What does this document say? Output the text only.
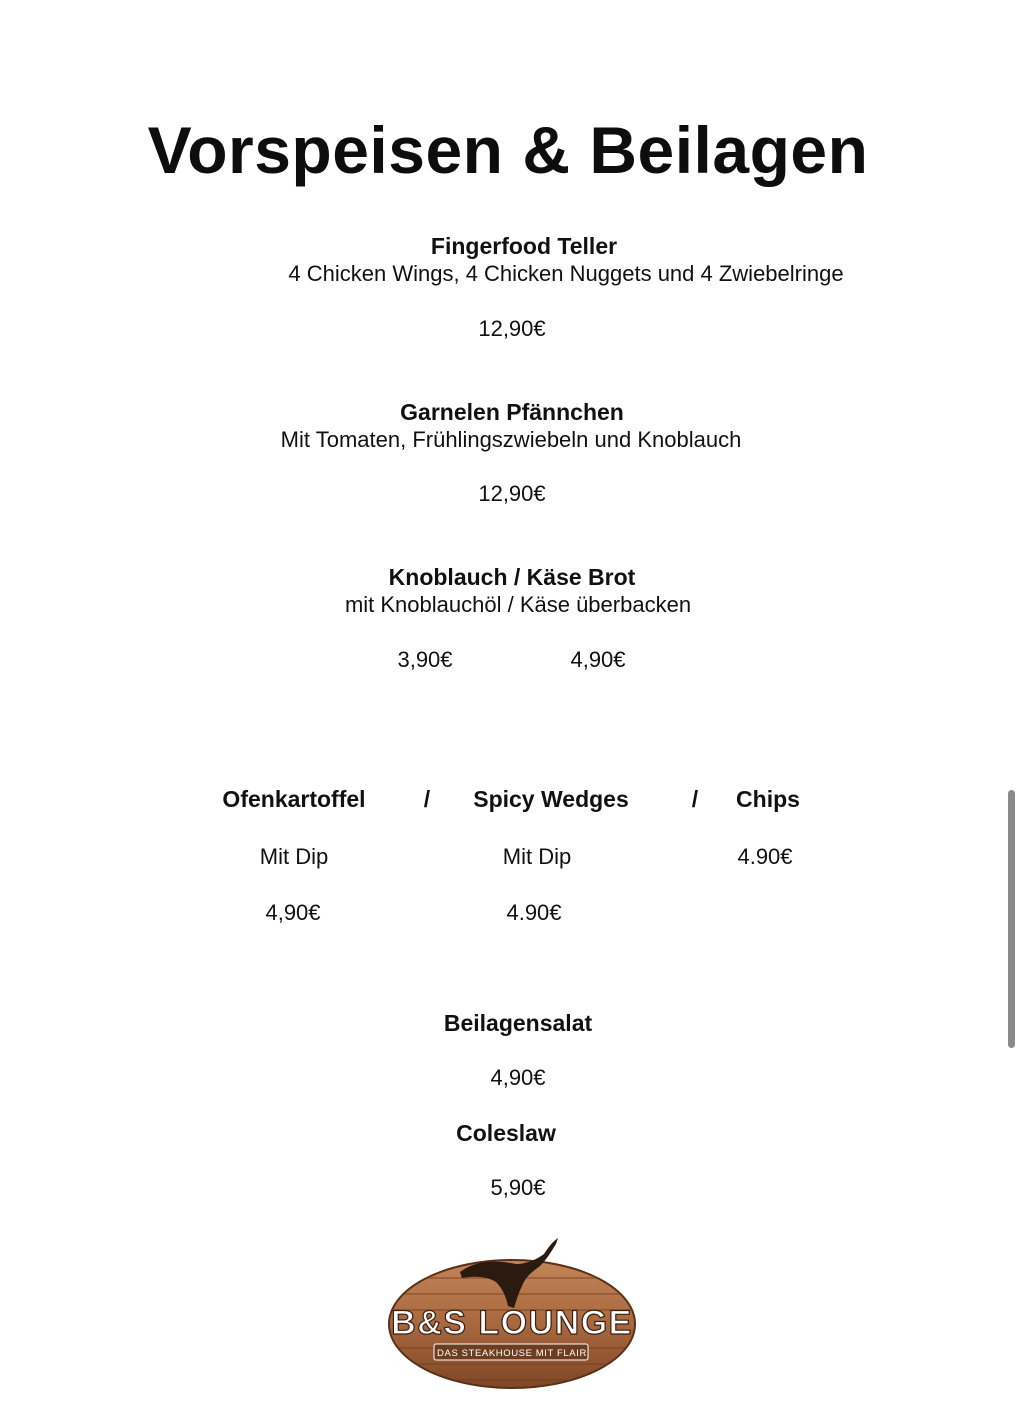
Vorspeisen & Beilagen
Fingerfood Teller
4 Chicken Wings, 4 Chicken Nuggets und 4 Zwiebelringe
12,90€
Garnelen Pfännchen
Mit Tomaten, Frühlingszwiebeln und Knoblauch
12,90€
Knoblauch / Käse Brot
mit Knoblauchöl / Käse überbacken
3,90€	4,90€
Ofenkartoffel	/ Spicy Wedges	/ Chips
Mit Dip	Mit Dip	4.90€
4,90€	4.90€
Beilagensalat
4,90€
Coleslaw
5,90€
B&S LOUNGE
DAS STEAKHOUSE MIT FLAIR
